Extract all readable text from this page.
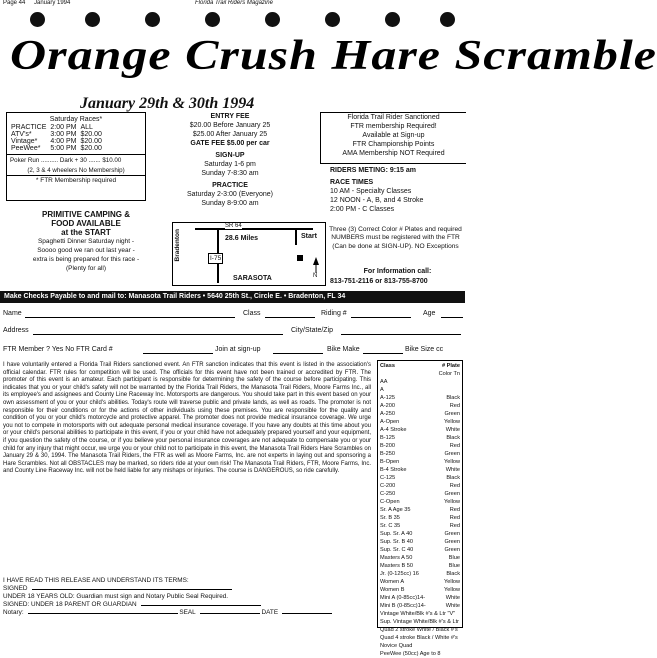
Page 44 January 1994	Florida Trail Riders Magazine
Orange Crush Hare Scramble
January 29th & 30th 1994
Saturday Races*
PRACTICE	2:00 PM	ALL
ATV's*	3:00 PM	$20.00
Vintage*	4:00 PM	$20.00
PeeWee*	5:00 PM	$20.00
Poker Run .......... Dark + 30 ....... $10.00
(2, 3 & 4 wheelers No Membership)
* FTR Membership required
ENTRY FEE
$20.00 Before January 25
$25.00 After January 25
GATE FEE $5.00 per car
SIGN-UP
Saturday 1-6 pm
Sunday 7-8:30 am
PRACTICE
Saturday 2-3:00 (Everyone)
Sunday 8-9:00 am
Florida Trail Rider Sanctioned
FTR membership Required!
Available at Sign-up
FTR Championship Points
AMA Membership NOT Required
RIDERS METING: 9:15 am
RACE TIMES
10 AM - Specialty Classes
12 NOON - A, B, and 4 Stroke
2:00 PM - C Classes
Three (3) Correct Color # Plates and required NUMBERS must be registered with the FTR (Can be done at SIGN-UP). NO Exceptions
For Information call:
813-751-2116 or 813-755-8700
PRIMITIVE CAMPING &
FOOD AVAILABLE
at the START
Spaghetti Dinner Saturday night -
Soooo good we ran out last year -
extra is being prepared for this race -
(Plenty for all)
Bradenton
SR 64
28.6 Miles	Start
I-75
SARASOTA	N
Make Checks Payable to and mail to: Manasota Trail Riders • 5640 25th St., Circle E. • Bradenton, FL 34
Name	Class	Riding #	Age
Address	City/State/Zip
FTR Member ? Yes No FTR Card #	Join at sign-up	Bike Make	Bike Size cc
I have voluntarily entered a Florida Trail Riders sanctioned event. An FTR sanction indicates that this event is listed in the association's official calendar. FTR rules for competition will be used. The officials for this event have not been trained or accredited by FTR. The promoter of this event is an amateur. Each participant is responsible for determining the safety of the course before participating. This indicates that you or your child's safety will not be warranted by the Florida Trail Riders, the Manasota Trail Riders, Moore Farms Inc., all its employee's and assignees and County Line Raceway Inc. Motorsports are dangerous. You should take part in this event based on your own assessment of you or your child's abilities. Today's route will traverse public and private lands, as well as roads. The promoter is not responsible for their conditions or for the actions of other individuals using these premises. You are responsible for the quality and condition of you or your child's motorcycle and protective apparel. The promoter does not provide medical insurance coverage. We urge you not to compete in motorsports with out adequate personal medical insurance coverage. If you have any doubts at this time about you or your child's personal abilities to participate in this event, if you or your child have not adequately prepared yourself and your equipment, if you question the safety of the course, or if you believe your personal insurance coverages are not adequate to compensate you or your child for any injury that might occur, we urge you or your child not to participate in this event, the Manasota Trail Riders Hare Scrambles on January 29 & 30, 1994. The Manasota Trail Riders, the FTR as well as Moore Farms, Inc. are not experts in laying out and sponsoring a Hare Scrambles. Not all OBSTACLES may be marked, so riders ride at your own risk! The Manasota Trail Riders, FTR, Moore Farms, Inc. and County Line Raceway Inc. will not be held liable for any mishaps or injuries. The course is DANGEROUS, so ride carefully.
I HAVE READ THIS RELEASE AND UNDERSTAND ITS TERMS:
SIGNED
UNDER 18 YEARS OLD: Guardian must sign and Notary Public Seal Required.
SIGNED: UNDER 18 PARENT OR GUARDIAN
Notary:	SEAL	DATE
Class	# Plate
Color Tn
AA
A
A-125	Black
A-200	Red
A-250	Green
A-Open	Yellow
A-4 Stroke	White
B-125	Black
B-200	Red
B-250	Green
B-Open	Yellow
B-4 Stroke	White
C-125	Black
C-200	Red
C-250	Green
C-Open	Yellow
Sr. A Age 35	Red
Sr. B 35	Red
Sr. C 35	Red
Sup. Sr. A 40	Green
Sup. Sr. B 40	Green
Sup. Sr. C 40	Green
Masters A 50	Blue
Masters B 50	Blue
Jr. (0-125cc) 16	Black
Women A	Yellow
Women B	Yellow
Mini A (0-85cc)14-	White
Mini B (0-85cc)14-	White
Vintage White/Blk #'s & Ltr "V"
Sup. Vintage White/Blk #'s & Ltr
Quad 2 stroke White / Black #'s
Quad 4 stroke Black / White #'s
Novice Quad
PeeWee (50cc) Age to 8
